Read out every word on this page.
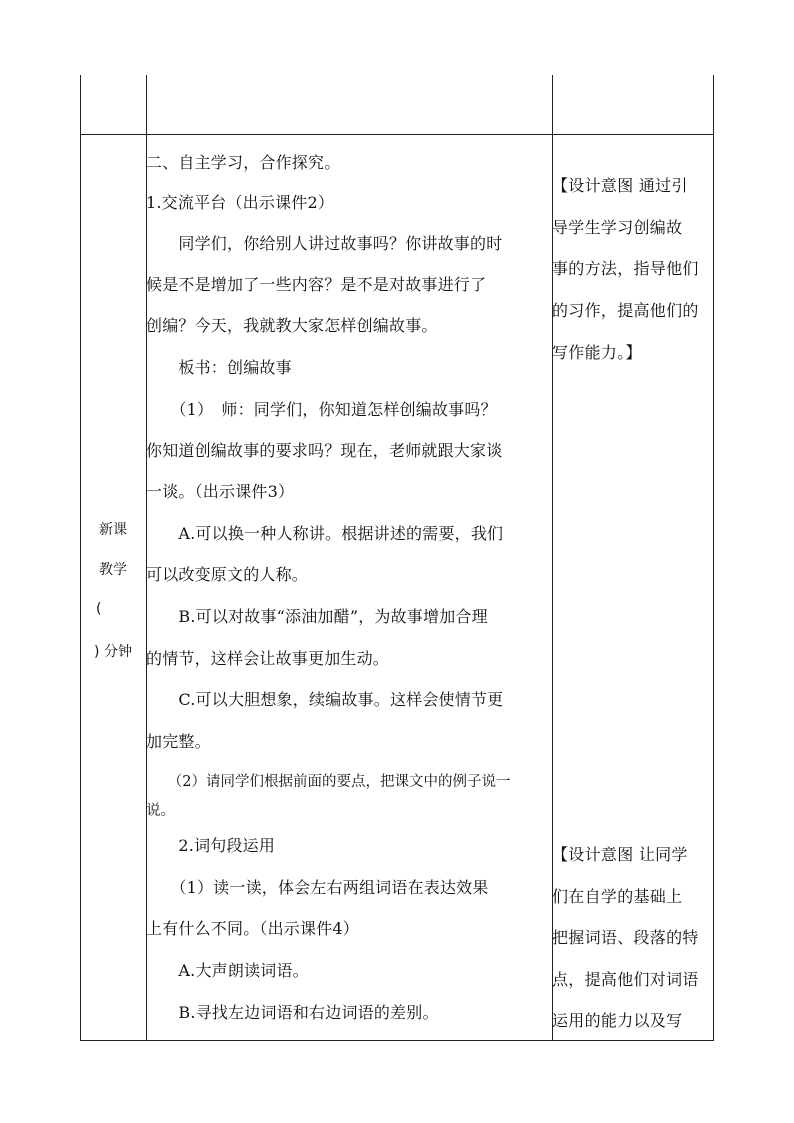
新课
教学
(
) 分钟
二、自主学习，合作探究。
1.交流平台（出示课件2）
　　同学们，你给别人讲过故事吗？你讲故事的时
候是不是增加了一些内容？是不是对故事进行了
创编？今天，我就教大家怎样创编故事。
　　板书：创编故事
　　（1）　师：同学们，你知道怎样创编故事吗？
你知道创编故事的要求吗？现在，老师就跟大家谈
一谈。（出示课件3）
　　A.可以换一种人称讲。根据讲述的需要，我们
可以改变原文的人称。
　　B.可以对故事“添油加醋”，为故事增加合理
的情节，这样会让故事更加生动。
　　C.可以大胆想象，续编故事。这样会使情节更
加完整。
　　（2）请同学们根据前面的要点，把课文中的例子说一
说。
　　2.词句段运用
　　（1）读一读，体会左右两组词语在表达效果
上有什么不同。（出示课件4）
　　A.大声朗读词语。
　　B.寻找左边词语和右边词语的差别。
【设计意图 通过引
导学生学习创编故
事的方法，指导他们
的习作，提高他们的
写作能力。】
【设计意图 让同学
们在自学的基础上
把握词语、段落的特
点，提高他们对词语
运用的能力以及写
